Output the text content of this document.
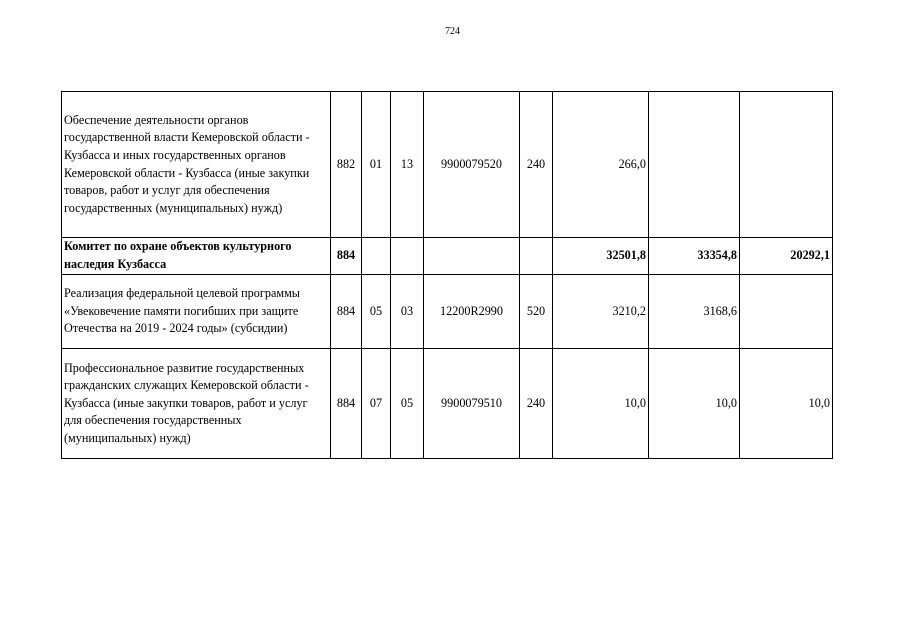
724
Обеспечение деятельности органов государственной власти Кемеровской области - Кузбасса и иных государственных органов Кемеровской области - Кузбасса (иные закупки товаров, работ и услуг для обеспечения государственных (муниципальных) нужд)	882	01	13	9900079520	240	266,0		
Комитет по охране объектов культурного наследия Кузбасса	884					32501,8	33354,8	20292,1
Реализация федеральной целевой программы «Увековечение памяти погибших при защите Отечества на 2019 - 2024 годы» (субсидии)	884	05	03	12200R2990	520	3210,2	3168,6	
Профессиональное развитие государственных гражданских служащих Кемеровской области - Кузбасса (иные закупки товаров, работ и услуг для обеспечения государственных (муниципальных) нужд)	884	07	05	9900079510	240	10,0	10,0	10,0
